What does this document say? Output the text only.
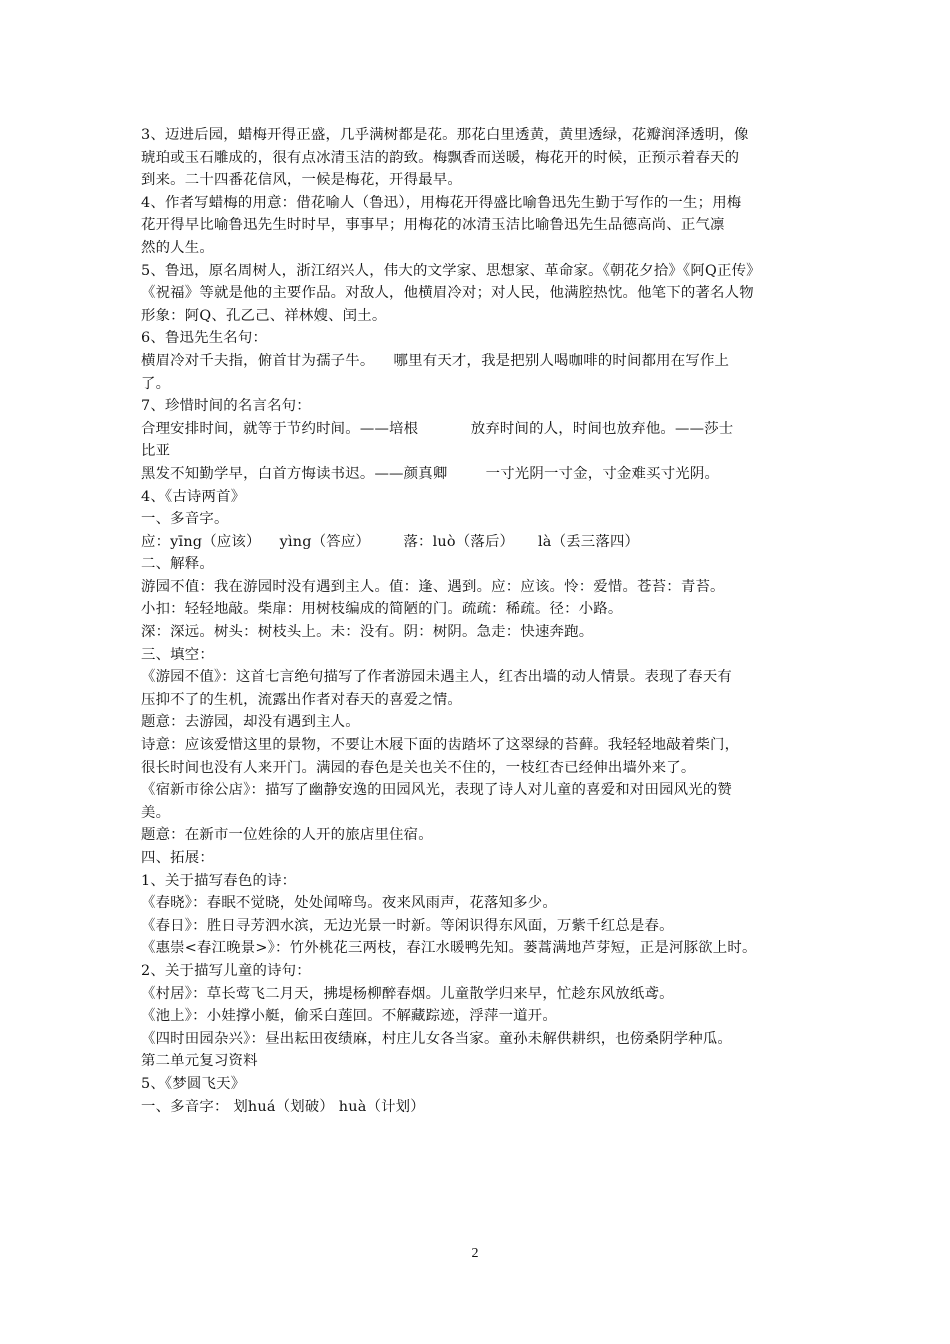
3、迈进后园，蜡梅开得正盛，几乎满树都是花。那花白里透黄，黄里透绿，花瓣润泽透明，像
琥珀或玉石雕成的，很有点冰清玉洁的韵致。梅飘香而送暖，梅花开的时候，正预示着春天的
到来。二十四番花信风，一候是梅花，开得最早。
4、作者写蜡梅的用意：借花喻人（鲁迅），用梅花开得盛比喻鲁迅先生勤于写作的一生；用梅
花开得早比喻鲁迅先生时时早，事事早；用梅花的冰清玉洁比喻鲁迅先生品德高尚、正气凛
然的人生。
5、鲁迅，原名周树人，浙江绍兴人，伟大的文学家、思想家、革命家。《朝花夕拾》《阿Q正传》
《祝福》等就是他的主要作品。对敌人，他横眉冷对；对人民，他满腔热忱。他笔下的著名人物
形象：阿Q、孔乙己、祥林嫂、闰土。
6、鲁迅先生名句：
横眉冷对千夫指，俯首甘为孺子牛。    哪里有天才，我是把别人喝咖啡的时间都用在写作上
了。
7、珍惜时间的名言名句：
合理安排时间，就等于节约时间。——培根           放弃时间的人，时间也放弃他。——莎士
比亚
黑发不知勤学早，白首方悔读书迟。——颜真卿        一寸光阴一寸金，寸金难买寸光阴。
4、《古诗两首》
一、多音字。
应：yīng（应该）    yìng（答应）       落：luò（落后）     là（丢三落四）
二、解释。
游园不值：我在游园时没有遇到主人。值：逢、遇到。应：应该。怜：爱惜。苍苔：青苔。
小扣：轻轻地敲。柴扉：用树枝编成的简陋的门。疏疏：稀疏。径：小路。
深：深远。树头：树枝头上。未：没有。阴：树阴。急走：快速奔跑。
三、填空：
《游园不值》：这首七言绝句描写了作者游园未遇主人，红杏出墙的动人情景。表现了春天有
压抑不了的生机，流露出作者对春天的喜爱之情。
题意：去游园，却没有遇到主人。
诗意：应该爱惜这里的景物，不要让木屐下面的齿踏坏了这翠绿的苔藓。我轻轻地敲着柴门，
很长时间也没有人来开门。满园的春色是关也关不住的，一枝红杏已经伸出墙外来了。
《宿新市徐公店》：描写了幽静安逸的田园风光，表现了诗人对儿童的喜爱和对田园风光的赞
美。
题意：在新市一位姓徐的人开的旅店里住宿。
四、拓展：
1、关于描写春色的诗：
《春晓》：春眠不觉晓，处处闻啼鸟。夜来风雨声，花落知多少。
《春日》：胜日寻芳泗水滨，无边光景一时新。等闲识得东风面，万紫千红总是春。
《惠崇<春江晚景>》：竹外桃花三两枝，春江水暖鸭先知。蒌蒿满地芦芽短，正是河豚欲上时。
2、关于描写儿童的诗句：
《村居》：草长莺飞二月天，拂堤杨柳醉春烟。儿童散学归来早，忙趁东风放纸鸢。
《池上》：小娃撑小艇，偷采白莲回。不解藏踪迹，浮萍一道开。
《四时田园杂兴》：昼出耘田夜绩麻，村庄儿女各当家。童孙未解供耕织，也傍桑阴学种瓜。
第二单元复习资料
5、《梦圆飞天》
一、多音字： 划huá（划破） huà（计划）
2
